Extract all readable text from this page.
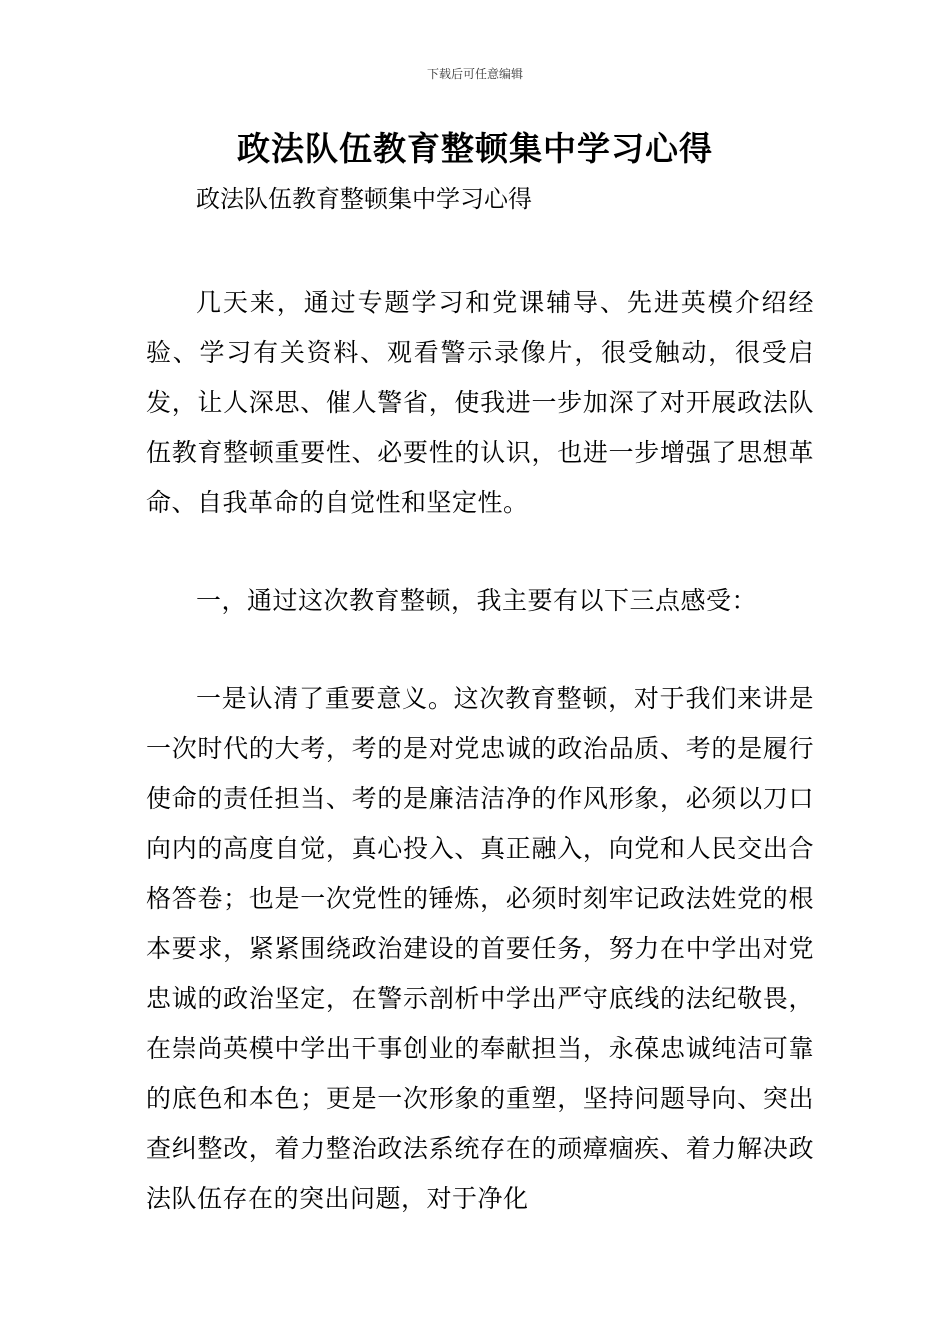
下载后可任意编辑
政法队伍教育整顿集中学习心得
政法队伍教育整顿集中学习心得

几天来，通过专题学习和党课辅导、先进英模介绍经验、学习有关资料、观看警示录像片，很受触动，很受启发，让人深思、催人警省，使我进一步加深了对开展政法队伍教育整顿重要性、必要性的认识，也进一步增强了思想革命、自我革命的自觉性和坚定性。

一，通过这次教育整顿，我主要有以下三点感受：

一是认清了重要意义。这次教育整顿，对于我们来讲是一次时代的大考，考的是对党忠诚的政治品质、考的是履行使命的责任担当、考的是廉洁洁净的作风形象，必须以刀口向内的高度自觉，真心投入、真正融入，向党和人民交出合格答卷；也是一次党性的锤炼，必须时刻牢记政法姓党的根本要求，紧紧围绕政治建设的首要任务，努力在中学出对党忠诚的政治坚定，在警示剖析中学出严守底线的法纪敬畏，在崇尚英模中学出干事创业的奉献担当，永葆忠诚纯洁可靠的底色和本色；更是一次形象的重塑，坚持问题导向、突出查纠整改，着力整治政法系统存在的顽瘴痼疾、着力解决政法队伍存在的突出问题，对于净化
